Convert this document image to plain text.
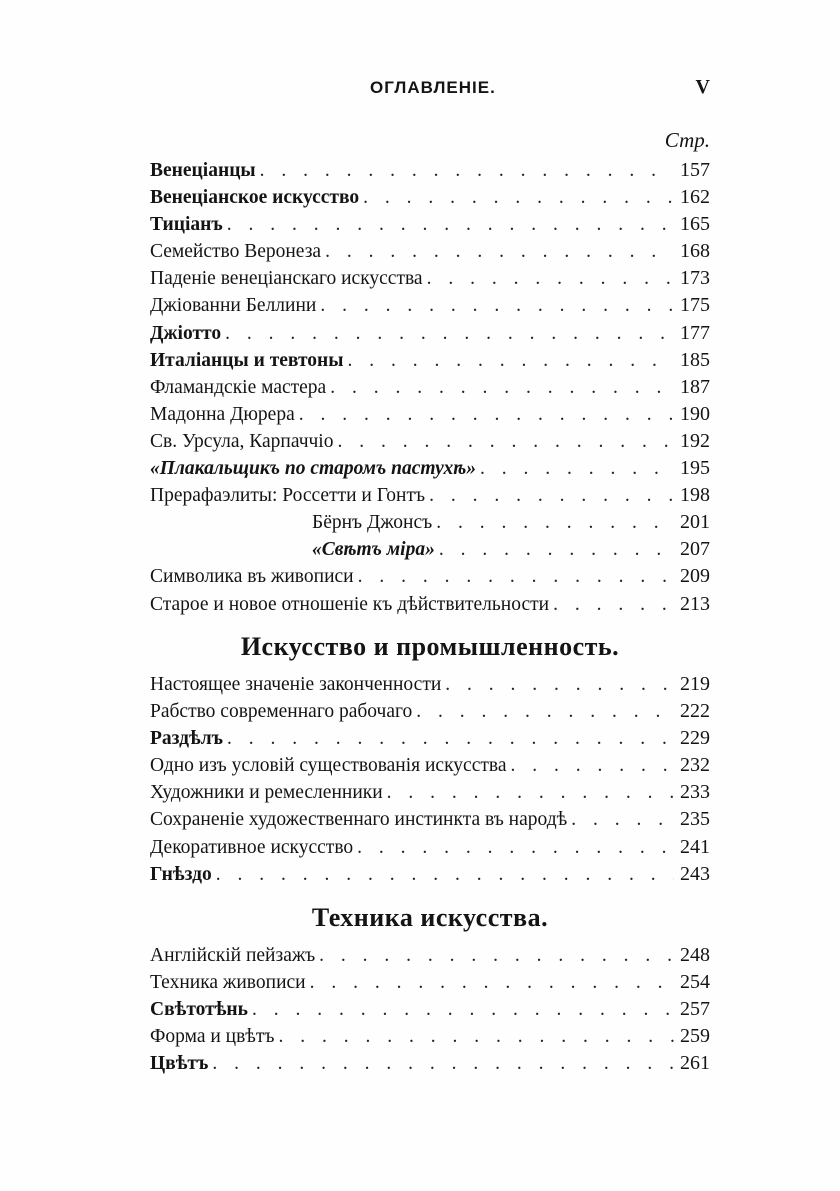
ОГЛАВЛЕНІЕ.	V
Стр.
Венеціанцы . . .	157
Венеціанское искусство . . .	162
Тиціанъ . . .	165
Семейство Веронеза . . .	168
Паденіе венеціанскаго искусства . . .	173
Джіованни Беллини . . .	175
Джіотто . . .	177
Италіанцы и тевтоны . . .	185
Фламандскіе мастера . . .	187
Мадонна Дюрера . . .	190
Св. Урсула, Карпаччіо . . .	192
«Плакальщикъ по старомъ пастухѣ» . . .	195
Прерафаэлиты: Россетти и Гонтъ . . .	198
Бёрнъ Джонсъ . . .	201
«Свѣтъ міра» . . .	207
Символика въ живописи . . .	209
Старое и новое отношеніе къ дѣйствительности . . .	213
Искусство и промышленность.
Настоящее значеніе законченности . . .	219
Рабство современнаго рабочаго . . .	222
Раздѣлъ . . .	229
Одно изъ условій существованія искусства . . .	232
Художники и ремесленники . . .	233
Сохраненіе художественнаго инстинкта въ народѣ . . .	235
Декоративное искусство . . .	241
Гнѣздо . . .	243
Техника искусства.
Англійскій пейзажъ . . .	248
Техника живописи . . .	254
Свѣтотѣнь . . .	257
Форма и цвѣтъ . . .	259
Цвѣтъ . . .	261
